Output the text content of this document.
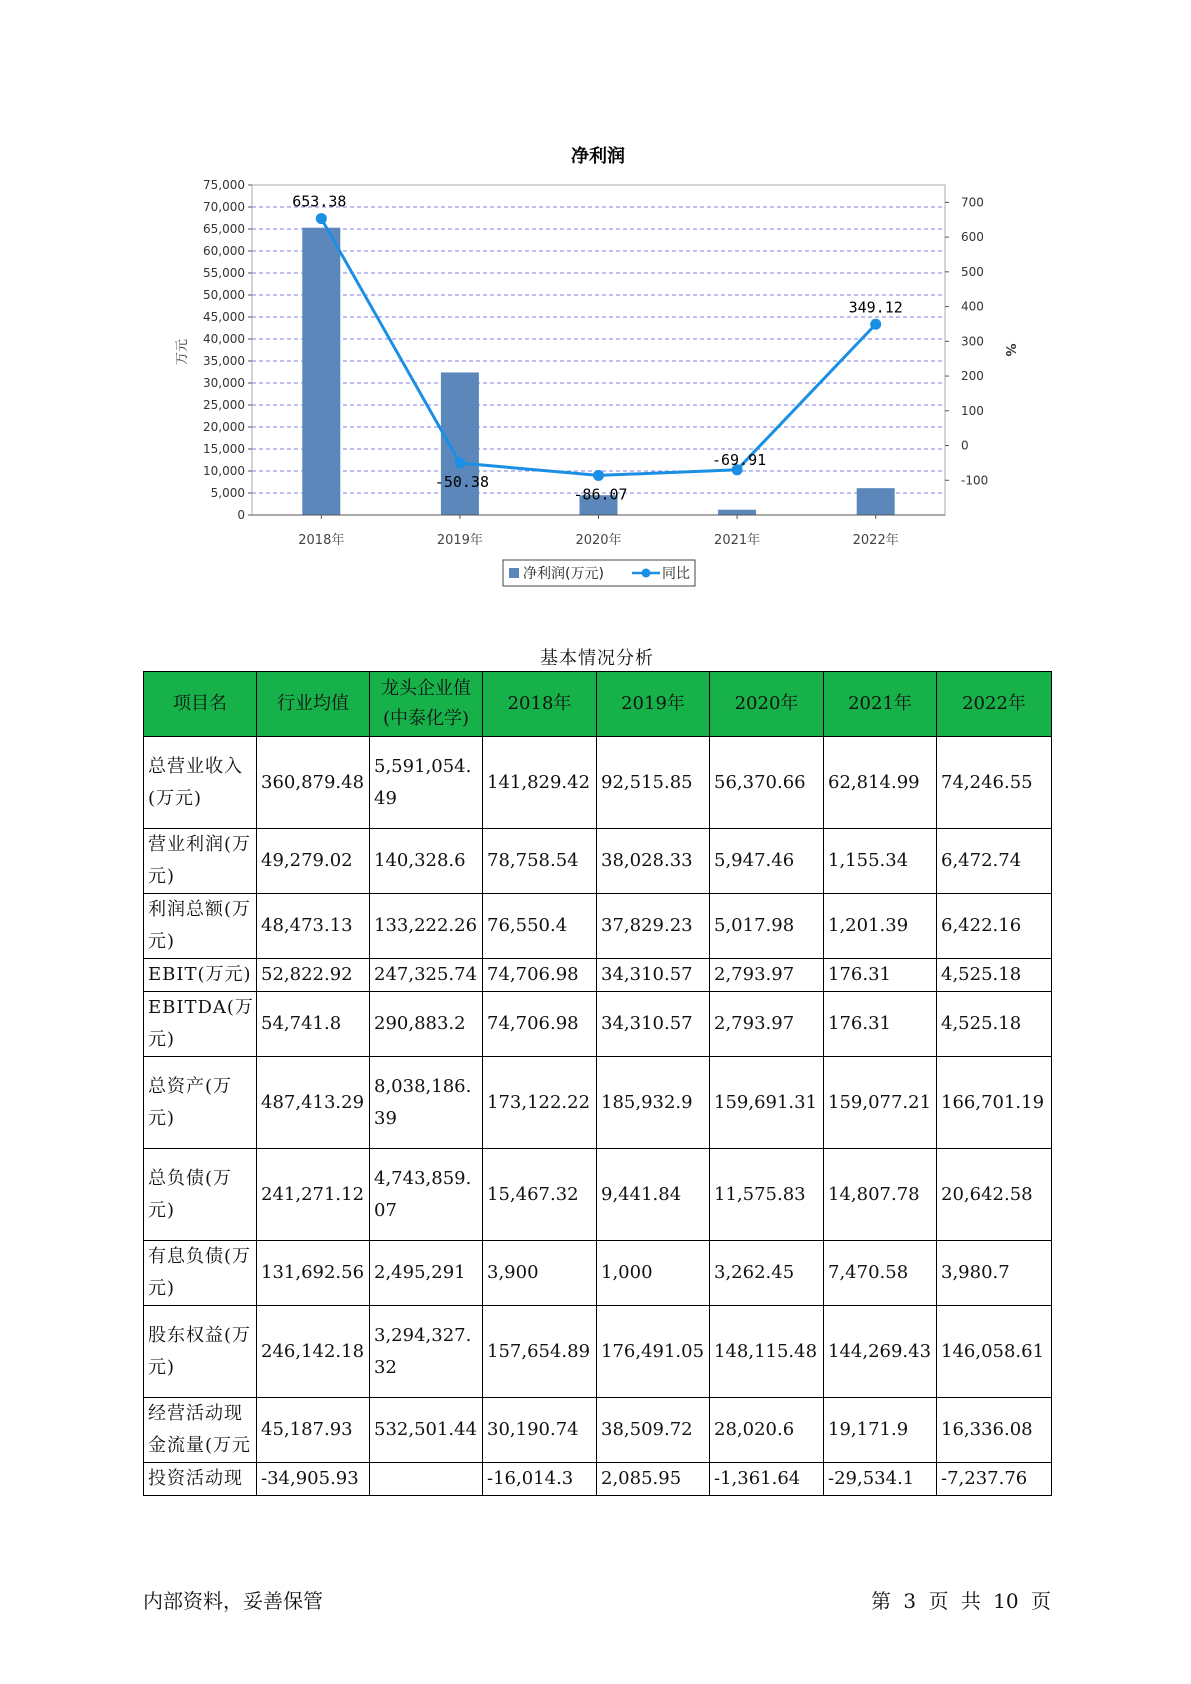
0
5,000
10,000
15,000
20,000
25,000
30,000
35,000
40,000
45,000
50,000
55,000
60,000
65,000
70,000
75,000
-100
0
100
200
300
400
500
600
700
2018年	2019年	2020年	2021年	2022年
653.38
-50.38
-86.07
-69.91
349.12
净利润
万元	%
净利润(万元)	同比
基本情况分析
项目名	行业均值	龙头企业值(中泰化学)	2018年	2019年	2020年	2021年	2022年
总营业收入(万元)	360,879.48	5,591,054.49	141,829.42	92,515.85	56,370.66	62,814.99	74,246.55
营业利润(万元)	49,279.02	140,328.6	78,758.54	38,028.33	5,947.46	1,155.34	6,472.74
利润总额(万元)	48,473.13	133,222.26	76,550.4	37,829.23	5,017.98	1,201.39	6,422.16
EBIT(万元)	52,822.92	247,325.74	74,706.98	34,310.57	2,793.97	176.31	4,525.18
EBITDA(万元)	54,741.8	290,883.2	74,706.98	34,310.57	2,793.97	176.31	4,525.18
总资产(万元)	487,413.29	8,038,186.39	173,122.22	185,932.9	159,691.31	159,077.21	166,701.19
总负债(万元)	241,271.12	4,743,859.07	15,467.32	9,441.84	11,575.83	14,807.78	20,642.58
有息负债(万元)	131,692.56	2,495,291	3,900	1,000	3,262.45	7,470.58	3,980.7
股东权益(万元)	246,142.18	3,294,327.32	157,654.89	176,491.05	148,115.48	144,269.43	146,058.61
经营活动现金流量(万元	45,187.93	532,501.44	30,190.74	38,509.72	28,020.6	19,171.9	16,336.08
投资活动现	-34,905.93		-16,014.3	2,085.95	-1,361.64	-29,534.1	-7,237.76
内部资料，妥善保管	第 3 页 共 10 页
